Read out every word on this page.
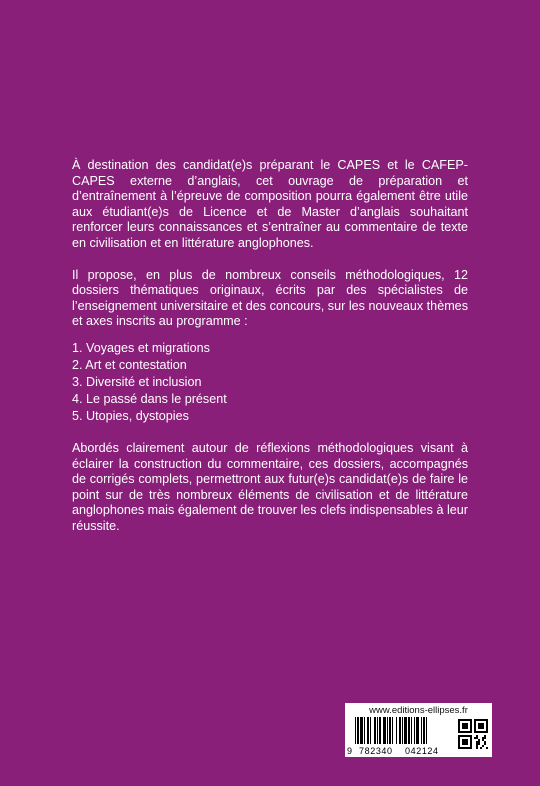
À destination des candidat(e)s préparant le CAPES et le CAFEP-CAPES externe d’anglais, cet ouvrage de préparation et d’entraînement à l’épreuve de composition pourra également être utile aux étudiant(e)s de Licence et de Master d’anglais souhaitant renforcer leurs connaissances et s’entraîner au commentaire de texte en civilisation et en littérature anglophones.

Il propose, en plus de nombreux conseils méthodologiques, 12 dossiers thématiques originaux, écrits par des spécialistes de l’enseignement universitaire et des concours, sur les nouveaux thèmes et axes inscrits au programme :

1. Voyages et migrations
2. Art et contestation
3. Diversité et inclusion
4. Le passé dans le présent
5. Utopies, dystopies

Abordés clairement autour de réflexions méthodologiques visant à éclairer la construction du commentaire, ces dossiers, accompagnés de corrigés complets, permettront aux futur(e)s candidat(e)s de faire le point sur de très nombreux éléments de civilisation et de littérature anglophones mais également de trouver les clefs indispensables à leur réussite.

www.editions-ellipses.fr
9 782340 042124
